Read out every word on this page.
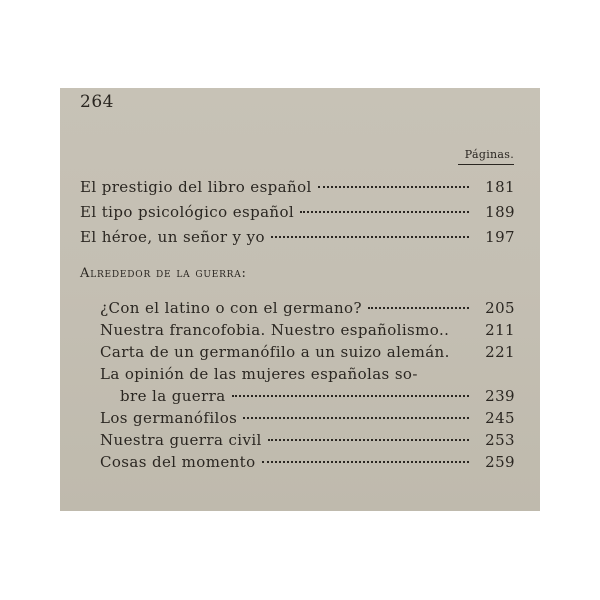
264
Páginas.
El prestigio del libro español	181
El tipo psicológico español	189
El héroe, un señor y yo	197
Alrededor de la guerra:
¿Con el latino o con el germano?	205
Nuestra francofobia. Nuestro españolismo..	211
Carta de un germanófilo a un suizo alemán.	221
La opinión de las mujeres españolas so-
bre la guerra	239
Los germanófilos	245
Nuestra guerra civil	253
Cosas del momento	259
